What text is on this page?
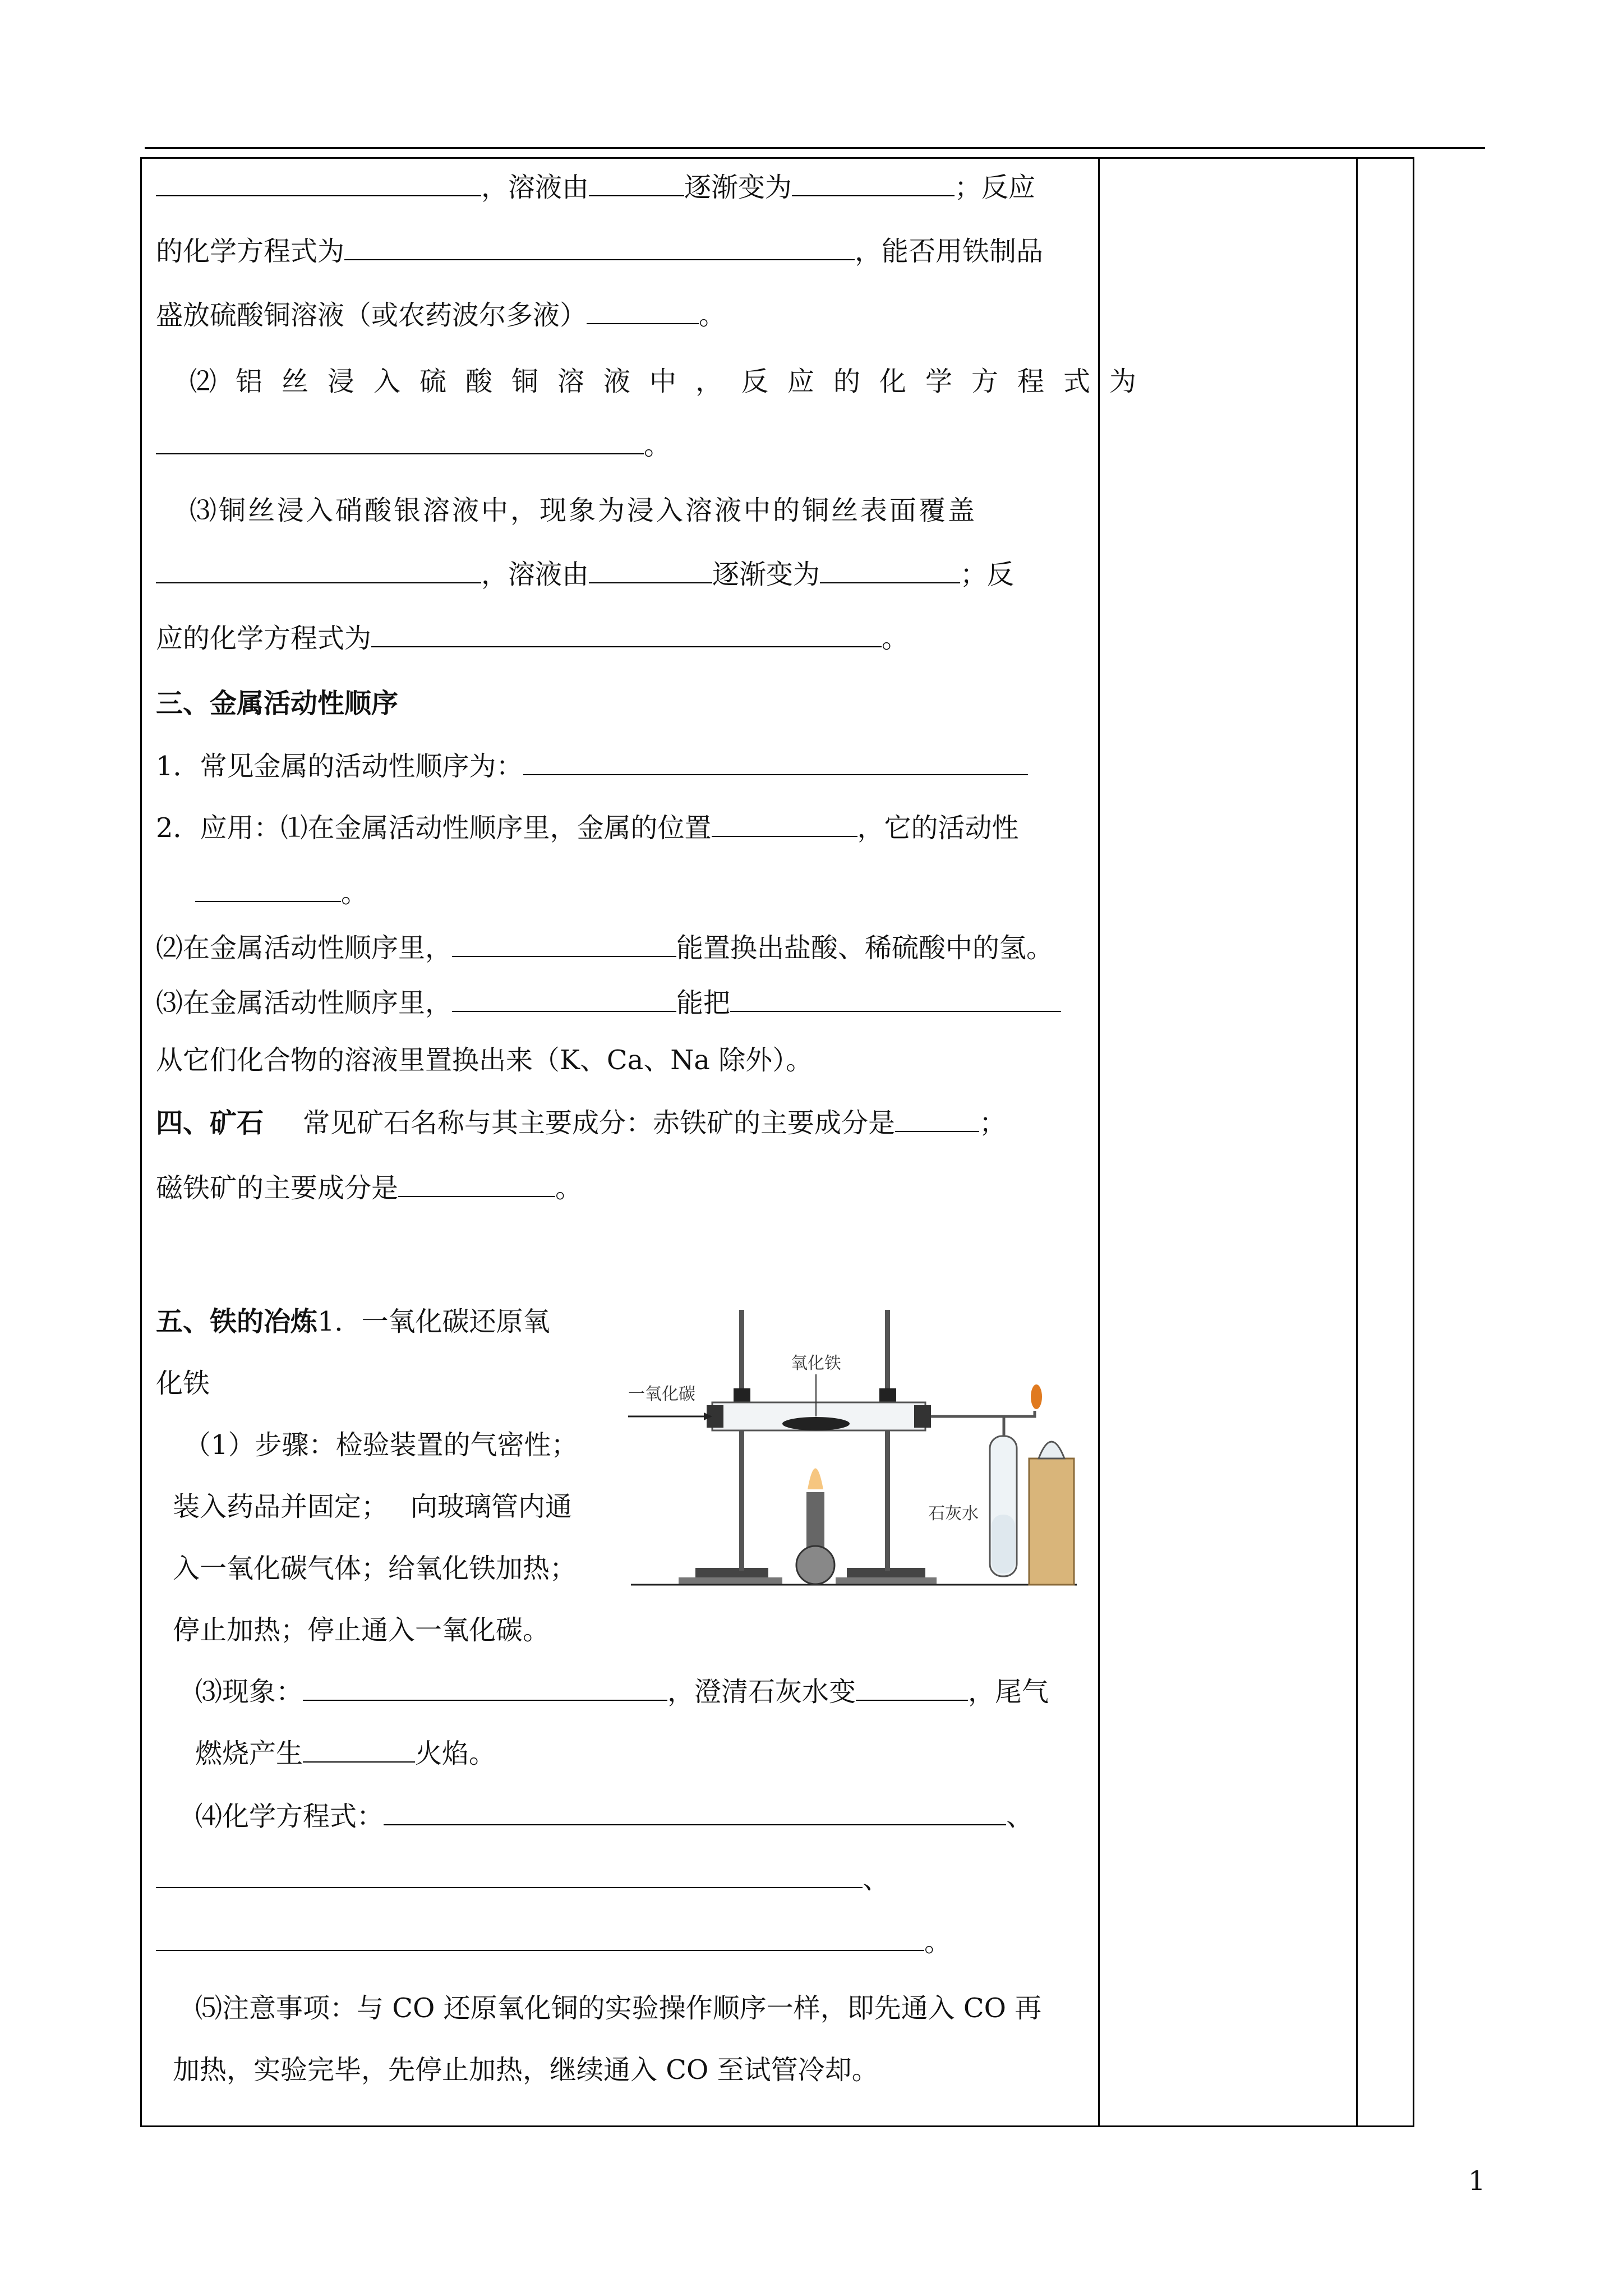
，溶液由	逐渐变为	；反应
的化学方程式为	，能否用铁制品
盛放硫酸铜溶液（或农药波尔多液）	。
⑵铝丝浸入硫酸铜溶液中，反应的化学方程式为
。
⑶铜丝浸入硝酸银溶液中，现象为浸入溶液中的铜丝表面覆盖
，溶液由	逐渐变为	；反
应的化学方程式为	。
三、金属活动性顺序
1．常见金属的活动性顺序为：
2．应用：⑴在金属活动性顺序里，金属的位置	，它的活动性
。
⑵在金属活动性顺序里，	能置换出盐酸、稀硫酸中的氢。
⑶在金属活动性顺序里，	能把
从它们化合物的溶液里置换出来（K、Ca、Na 除外）。
四、矿石 常见矿石名称与其主要成分：赤铁矿的主要成分是	；
磁铁矿的主要成分是	。
五、铁的冶炼1．一氧化碳还原氧
化铁
（1）步骤：检验装置的气密性；
装入药品并固定； 向玻璃管内通
入一氧化碳气体；给氧化铁加热；
停止加热；停止通入一氧化碳。
⑶现象：	，澄清石灰水变	，尾气
燃烧产生	火焰。
⑷化学方程式：	、
、
。
⑸注意事项：与 CO 还原氧化铜的实验操作顺序一样，即先通入 CO 再
加热，实验完毕，先停止加热，继续通入 CO 至试管冷却。
一氧化碳
氧化铁
石灰水
1
